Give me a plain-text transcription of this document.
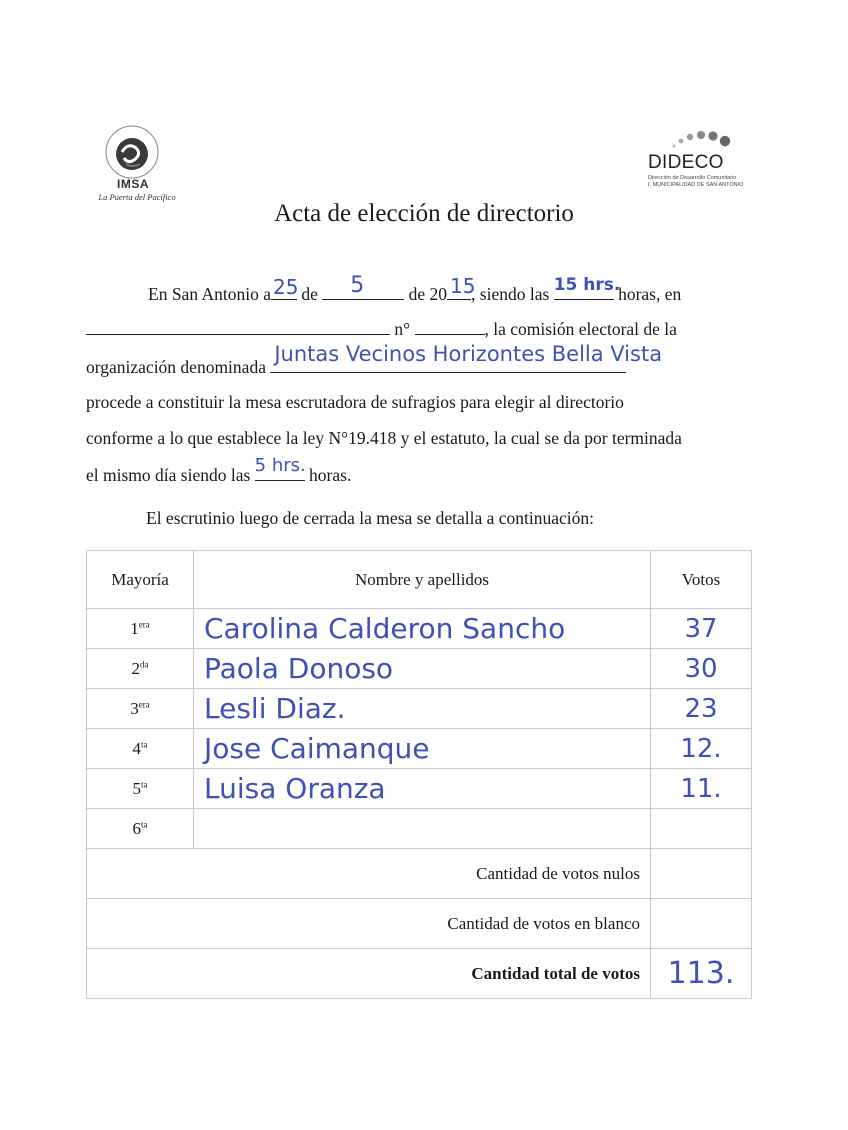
IMSA
La Puerta del Pacífico
DIDECO
Dirección de Desarrollo Comunitario
I. MUNICIPALIDAD DE SAN ANTONIO
Acta de elección de directorio
En San Antonio a 25 de 5	de 20 15
, siendo las 15 hrs.
horas, en
n°	, la comisión electoral de la
organización denominada
Juntas Vecinos Horizontes Bella Vista
procede a constituir la mesa escrutadora de sufragios para elegir al directorio
conforme a lo que establece la ley N°19.418 y el estatuto, la cual se da por terminada
el mismo día siendo las 5 hrs. horas.
El escrutinio luego de cerrada la mesa se detalla a continuación:
Mayoría	Nombre y apellidos	Votos
$1^{era}$	Carolina Calderon Sancho	37
$2^{da}$	Paola Donoso	30
$3^{era}$	Lesli Diaz.	23
$4^{ta}$	Jose Caimanque	12.
$5^{ta}$	Luisa Oranza	11.
$6^{ta}$		
Cantidad de votos nulos		
Cantidad de votos en blanco		
Cantidad total de votos		113.
